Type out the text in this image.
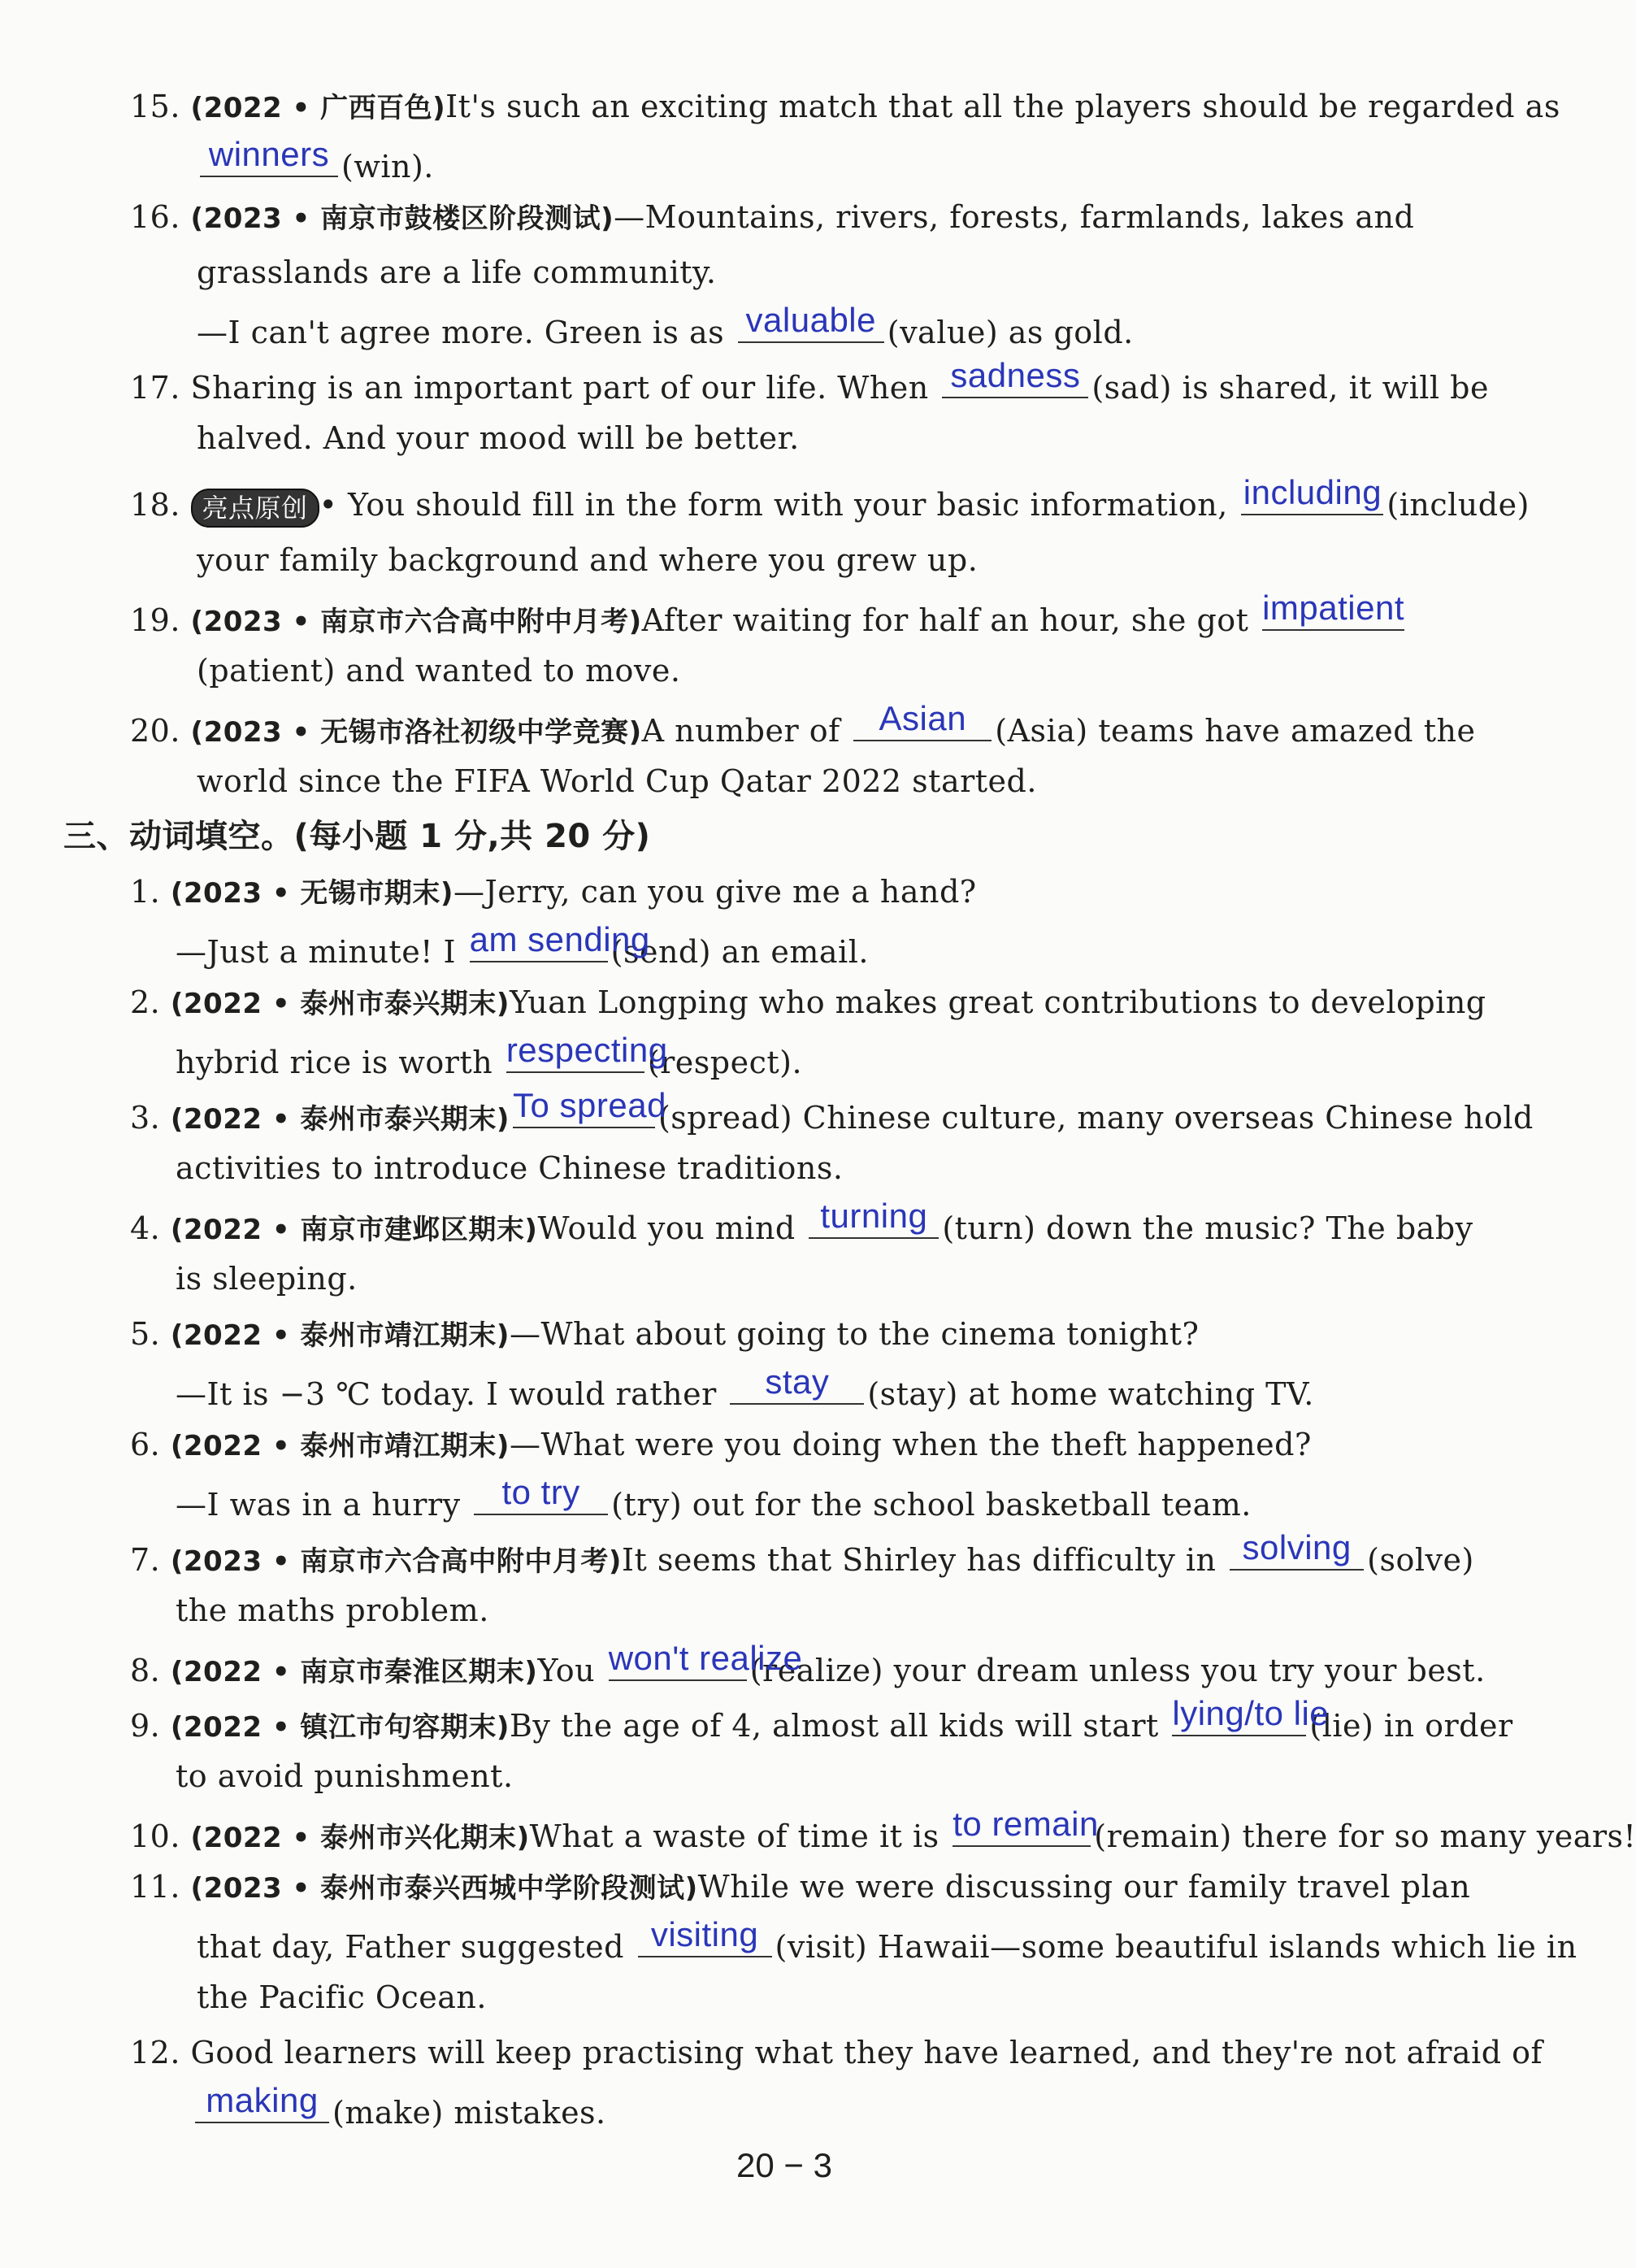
15. (2022 • 广西百色)It's such an exciting match that all the players should be regarded as
winners (win).
16. (2023 • 南京市鼓楼区阶段测试)—Mountains, rivers, forests, farmlands, lakes and
grasslands are a life community.
—I can't agree more. Green is as valuable (value) as gold.
17. Sharing is an important part of our life. When sadness (sad) is shared, it will be
halved. And your mood will be better.
18. 亮点原创 • You should fill in the form with your basic information, including (include)
your family background and where you grew up.
19. (2023 • 南京市六合高中附中月考)After waiting for half an hour, she got impatient
(patient) and wanted to move.
20. (2023 • 无锡市洛社初级中学竞赛)A number of	Asian (Asia) teams have amazed the
world since the FIFA World Cup Qatar 2022 started.
三、动词填空。(每小题 1 分,共 20 分)
1. (2023 • 无锡市期末)—Jerry, can you give me a hand?
—Just a minute! I am sending
(send) an email.
2. (2022 • 泰州市泰兴期末)Yuan Longping who makes great contributions to developing
hybrid rice is worth respecting
(respect).
3. (2022 • 泰州市泰兴期末) To spread
(spread) Chinese culture, many overseas Chinese hold
activities to introduce Chinese traditions.
4. (2022 • 南京市建邺区期末)Would you mind turning (turn) down the music? The baby
is sleeping.
5. (2022 • 泰州市靖江期末)—What about going to the cinema tonight?
—It is −3 ℃ today. I would rather	stay	(stay) at home watching TV.
6. (2022 • 泰州市靖江期末)—What were you doing when the theft happened?
—I was in a hurry	to try	(try) out for the school basketball team.
7. (2023 • 南京市六合高中附中月考)It seems that Shirley has difficulty in solving (solve)
the maths problem.
8. (2022 • 南京市秦淮区期末)You won't realize
(realize) your dream unless you try your best.
9. (2022 • 镇江市句容期末)By the age of 4, almost all kids will start lying/to lie
(lie) in order
to avoid punishment.
10. (2022 • 泰州市兴化期末)What a waste of time it is to remain
(remain) there for so many years!
11. (2023 • 泰州市泰兴西城中学阶段测试)While we were discussing our family travel plan
that day, Father suggested visiting (visit) Hawaii—some beautiful islands which lie in
the Pacific Ocean.
12. Good learners will keep practising what they have learned, and they're not afraid of
making (make) mistakes.
20 − 3
